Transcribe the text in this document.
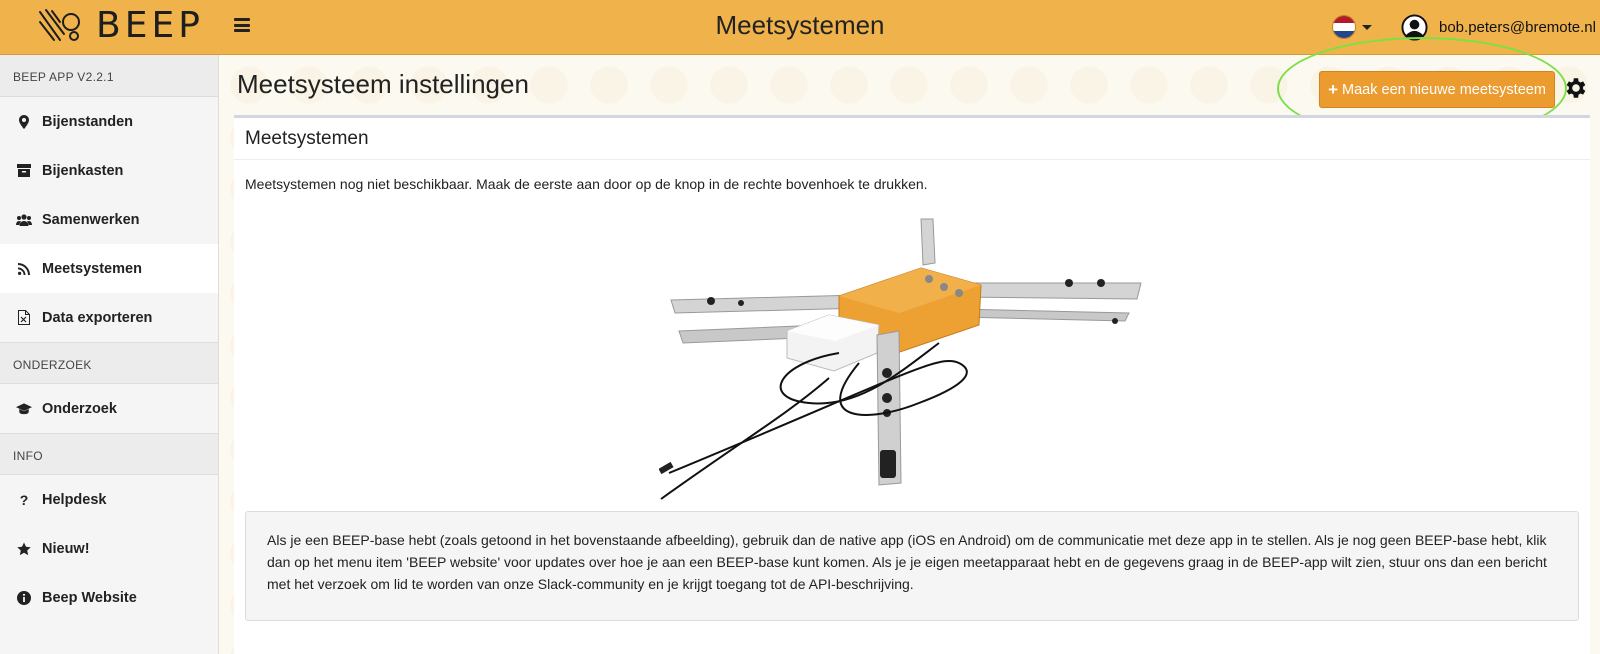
BEEP	Meetsystemen	bob.peters@bremote.nl
BEEP APP V2.2.1
Bijenstanden
Bijenkasten
Samenwerken
Meetsystemen
Data exporteren
ONDERZOEK
Onderzoek
INFO
? Helpdesk
Nieuw!
Beep Website
Meetsysteem instellingen	+ Maak een nieuwe meetsysteem
Meetsystemen
Meetsystemen nog niet beschikbaar. Maak de eerste aan door op de knop in de rechte bovenhoek te drukken.
Als je een BEEP-base hebt (zoals getoond in het bovenstaande afbeelding), gebruik dan de native app (iOS en Android) om de communicatie met deze app in te stellen. Als je nog geen BEEP-base hebt, klik dan op het menu item 'BEEP website' voor updates over hoe je aan een BEEP-base kunt komen. Als je je eigen meetapparaat hebt en de gegevens graag in de BEEP-app wilt zien, stuur ons dan een bericht met het verzoek om lid te worden van onze Slack-community en je krijgt toegang tot de API-beschrijving.
